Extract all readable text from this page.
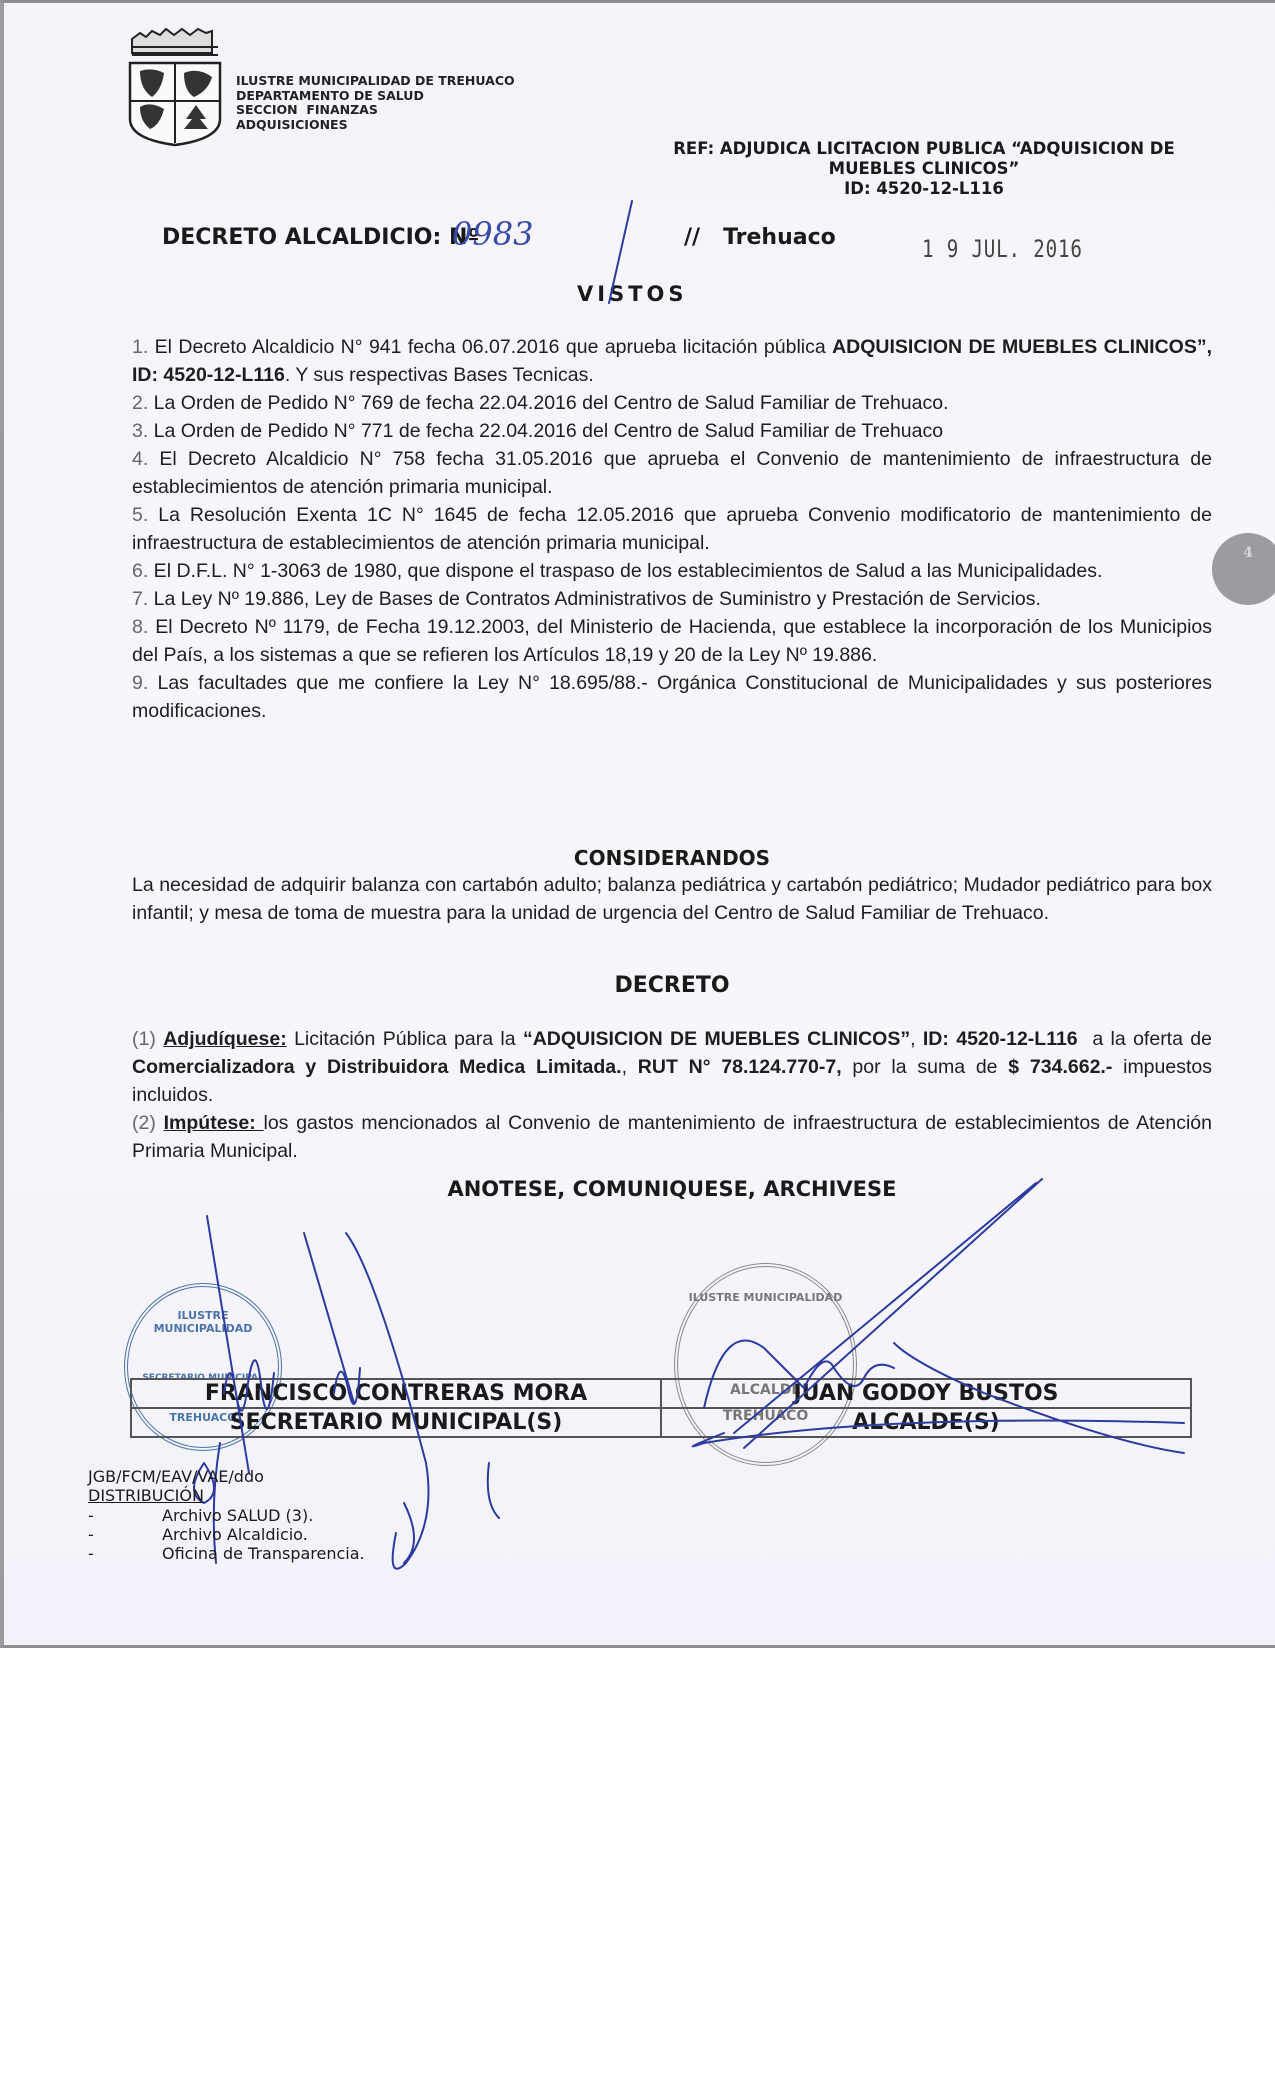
ILUSTRE MUNICIPALIDAD DE TREHUACO
DEPARTAMENTO DE SALUD
SECCION  FINANZAS
ADQUISICIONES
REF: ADJUDICA LICITACION PUBLICA “ADQUISICION DE
MUEBLES CLINICOS”
ID: 4520-12-L116
DECRETO ALCALDICIO: Nº
0983	// Trehuaco	1 9 JUL. 2016
VISTOS

1. El Decreto Alcaldicio N° 941 fecha 06.07.2016 que aprueba licitación pública ADQUISICION DE MUEBLES CLINICOS”, ID: 4520-12-L116. Y sus respectivas Bases Tecnicas.

2. La Orden de Pedido N° 769 de fecha 22.04.2016 del Centro de Salud Familiar de Trehuaco.

3. La Orden de Pedido N° 771 de fecha 22.04.2016 del Centro de Salud Familiar de Trehuaco

4. El Decreto Alcaldicio N° 758 fecha 31.05.2016 que aprueba el Convenio de mantenimiento de infraestructura de establecimientos de atención primaria municipal.

5. La Resolución Exenta 1C N° 1645 de fecha 12.05.2016 que aprueba Convenio modificatorio de mantenimiento de infraestructura de establecimientos de atención primaria municipal.

6. El D.F.L. N° 1-3063 de 1980, que dispone el traspaso de los establecimientos de Salud a las Municipalidades.

7. La Ley Nº 19.886, Ley de Bases de Contratos Administrativos de Suministro y Prestación de Servicios.

8. El Decreto Nº 1179, de Fecha 19.12.2003, del Ministerio de Hacienda, que establece la incorporación de los Municipios del País, a los sistemas a que se refieren los Artículos 18,19 y 20 de la Ley Nº 19.886.

9. Las facultades que me confiere la Ley N° 18.695/88.- Orgánica Constitucional de Municipalidades y sus posteriores modificaciones.

4
CONSIDERANDOS
La necesidad de adquirir balanza con cartabón adulto; balanza pediátrica y cartabón pediátrico; Mudador pediátrico para box infantil; y mesa de toma de muestra para la unidad de urgencia del Centro de Salud Familiar de Trehuaco.
DECRETO
(1) Adjudíquese: Licitación Pública para la “ADQUISICION DE MUEBLES CLINICOS”, ID: 4520-12-L116  a la oferta de Comercializadora y Distribuidora Medica Limitada., RUT N° 78.124.770-7, por la suma de $ 734.662.- impuestos incluidos.
(2) Impútese: los gastos mencionados al Convenio de mantenimiento de infraestructura de establecimientos de Atención Primaria Municipal.
ANOTESE, COMUNIQUESE, ARCHIVESE
ILUSTRE MUNICIPALIDAD
SECRETARIO MUNICIPAL
TREHUACO
ILUSTRE MUNICIPALIDAD
ALCALDE
TREHUACO
FRANCISCO CONTRERAS MORA	JUAN GODOY BUSTOS
SECRETARIO MUNICIPAL(S)	ALCALDE(S)
JGB/FCM/EAV/VAE/ddo
DISTRIBUCIÓN
-	Archivo SALUD (3).
-	Archivo Alcaldicio.
-	Oficina de Transparencia.
